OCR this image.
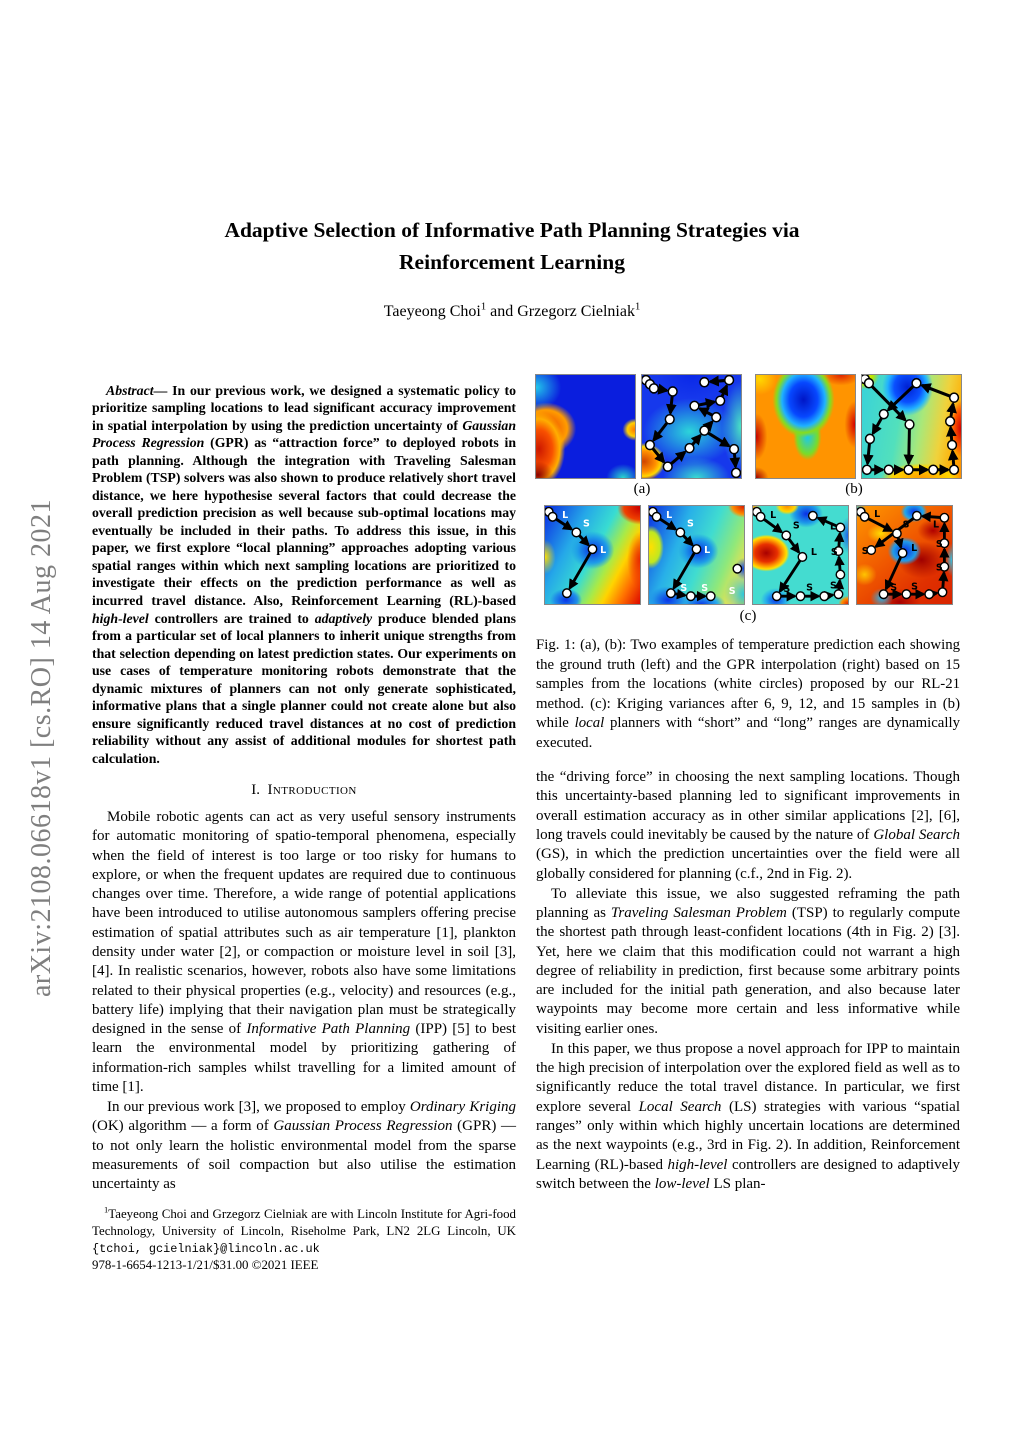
arXiv:2108.06618v1 [cs.RO] 14 Aug 2021
Adaptive Selection of Informative Path Planning Strategies via Reinforcement Learning
Taeyeong Choi$^1$ and Grzegorz Cielniak$^1$

Abstract— In our previous work, we designed a systematic policy to prioritize sampling locations to lead significant accuracy improvement in spatial interpolation by using the prediction uncertainty of Gaussian Process Regression (GPR) as “attraction force” to deployed robots in path planning. Although the integration with Traveling Salesman Problem (TSP) solvers was also shown to produce relatively short travel distance, we here hypothesise several factors that could decrease the overall prediction precision as well because sub-optimal locations may eventually be included in their paths. To address this issue, in this paper, we first explore “local planning” approaches adopting various spatial ranges within which next sampling locations are prioritized to investigate their effects on the prediction performance as well as incurred travel distance. Also, Reinforcement Learning (RL)-based high-level controllers are trained to adaptively produce blended plans from a particular set of local planners to inherit unique strengths from that selection depending on latest prediction states. Our experiments on use cases of temperature monitoring robots demonstrate that the dynamic mixtures of planners can not only generate sophisticated, informative plans that a single planner could not create alone but also ensure significantly reduced travel distances at no cost of prediction reliability without any assist of additional modules for shortest path calculation.

I. Introduction

Mobile robotic agents can act as very useful sensory instruments for automatic monitoring of spatio-temporal phenomena, especially when the field of interest is too large or too risky for humans to explore, or when the frequent updates are required due to continuous changes over time. Therefore, a wide range of potential applications have been introduced to utilise autonomous samplers offering precise estimation of spatial attributes such as air temperature [1], plankton density under water [2], or compaction or moisture level in soil [3], [4]. In realistic scenarios, however, robots also have some limitations related to their physical properties (e.g., velocity) and resources (e.g., battery life) implying that their navigation plan must be strategically designed in the sense of Informative Path Planning (IPP) [5] to best learn the environmental model by prioritizing gathering of information-rich samples whilst travelling for a limited amount of time [1].

In our previous work [3], we proposed to employ Ordinary Kriging (OK) algorithm — a form of Gaussian Process Regression (GPR) — to not only learn the holistic environmental model from the sparse measurements of soil compaction but also utilise the estimation uncertainty as

$^1$Taeyeong Choi and Grzegorz Cielniak are with Lincoln Institute for Agri-food Technology, University of Lincoln, Riseholme Park, LN2 2LG Lincoln, UK {tchoi, gcielniak}@lincoln.ac.uk
978-1-6654-1213-1/21/$31.00 ©2021 IEEE
(a)	(b)
L
S
L
L
S
L
S S S
L
S
L
S S S
S
L
L
S
L
S
S S
S
S
L
(c)
Fig. 1: (a), (b): Two examples of temperature prediction each showing the ground truth (left) and the GPR interpolation (right) based on 15 samples from the locations (white circles) proposed by our RL-21 method. (c): Kriging variances after 6, 9, 12, and 15 samples in (b) while local planners with “short” and “long” ranges are dynamically executed.

the “driving force” in choosing the next sampling locations. Though this uncertainty-based planning led to significant improvements in overall estimation accuracy as in other similar applications [2], [6], long travels could inevitably be caused by the nature of Global Search (GS), in which the prediction uncertainties over the field were all globally considered for planning (c.f., 2nd in Fig. 2).

To alleviate this issue, we also suggested reframing the path planning as Traveling Salesman Problem (TSP) to regularly compute the shortest path through least-confident locations (4th in Fig. 2) [3]. Yet, here we claim that this modification could not warrant a high degree of reliability in prediction, first because some arbitrary points are included for the initial path generation, and also because later waypoints may become more certain and less informative while visiting earlier ones.

In this paper, we thus propose a novel approach for IPP to maintain the high precision of interpolation over the explored field as well as to significantly reduce the total travel distance. In particular, we first explore several Local Search (LS) strategies with various “spatial ranges” only within which highly uncertain locations are determined as the next waypoints (e.g., 3rd in Fig. 2). In addition, Reinforcement Learning (RL)-based high-level controllers are designed to adaptively switch between the low-level LS plan-
